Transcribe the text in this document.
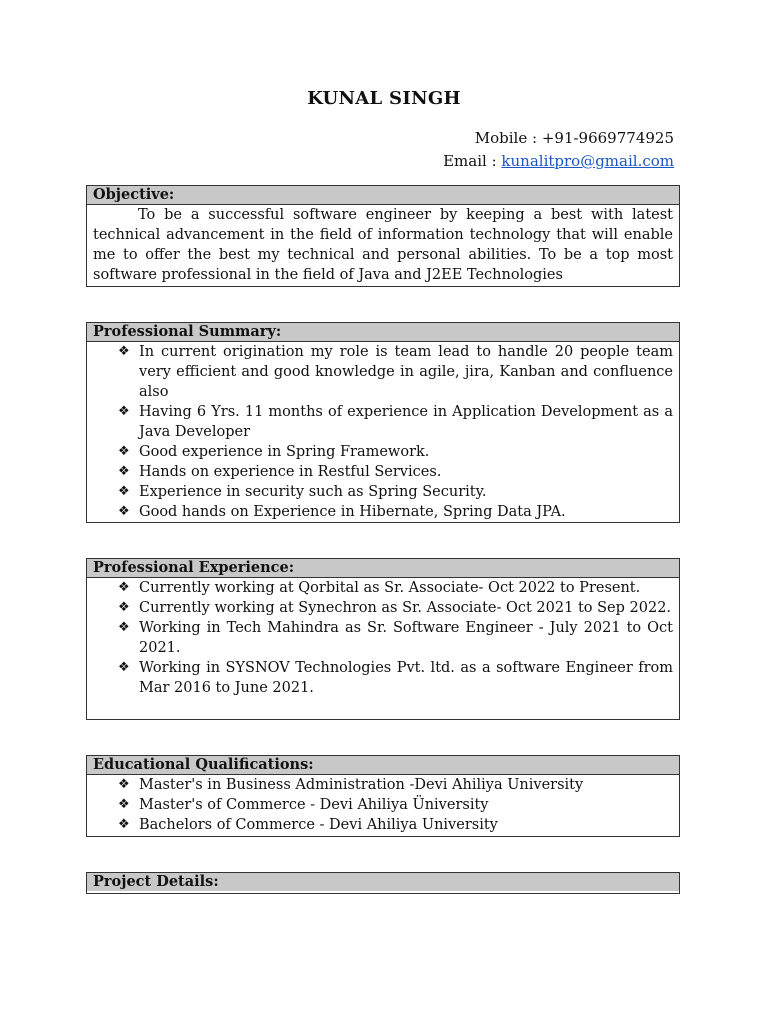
KUNAL SINGH
Mobile : +91-9669774925
Email : kunalitpro@gmail.com
Objective:

To be a successful software engineer by keeping a best with latest technical advancement in the field of information technology that will enable me to offer the best my technical and personal abilities. To be a top most software professional in the field of Java and J2EE Technologies

Professional Summary:
❖ In current origination my role is team lead to handle 20 people team very efficient and good knowledge in agile, jira, Kanban and confluence also
❖ Having 6 Yrs. 11 months of experience in Application Development as a Java Developer
❖ Good experience in Spring Framework.
❖ Hands on experience in Restful Services.
❖ Experience in security such as Spring Security.
❖ Good hands on Experience in Hibernate, Spring Data JPA.
Professional Experience:
❖ Currently working at Qorbital as Sr. Associate- Oct 2022 to Present.
❖ Currently working at Synechron as Sr. Associate- Oct 2021 to Sep 2022.
❖ Working in Tech Mahindra as Sr. Software Engineer - July 2021 to Oct 2021.
❖ Working in SYSNOV Technologies Pvt. ltd. as a software Engineer from Mar 2016 to June 2021.
Educational Qualifications:
❖ Master's in Business Administration -Devi Ahiliya University
❖ Master's of Commerce - Devi Ahiliya Üniversity
❖ Bachelors of Commerce - Devi Ahiliya University
Project Details:
